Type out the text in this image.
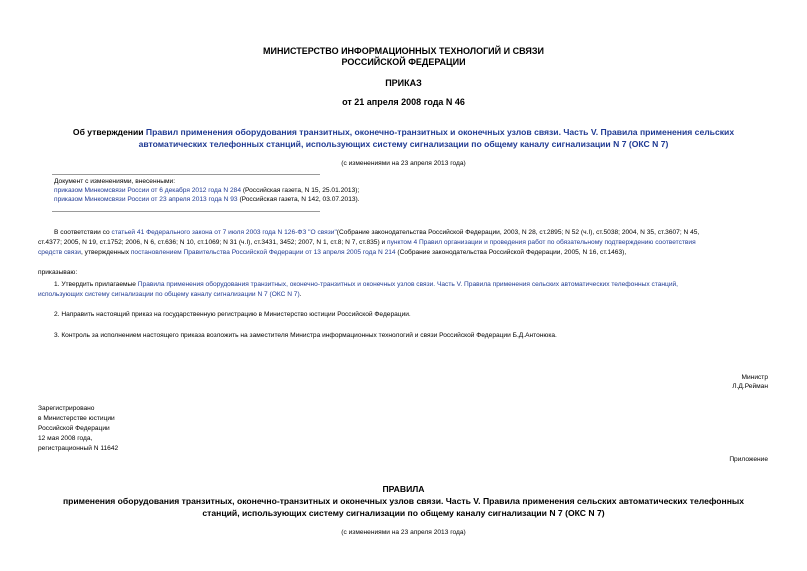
МИНИСТЕРСТВО ИНФОРМАЦИОННЫХ ТЕХНОЛОГИЙ И СВЯЗИ
РОССИЙСКОЙ ФЕДЕРАЦИИ
ПРИКАЗ
от 21 апреля 2008 года N 46
Об утверждении Правил применения оборудования транзитных, оконечно-транзитных и оконечных узлов связи. Часть V. Правила применения сельских
автоматических телефонных станций, использующих систему сигнализации по общему каналу сигнализации N 7 (ОКС N 7)
(с изменениями на 23 апреля 2013 года)
Документ с изменениями, внесенными:
приказом Минкомсвязи России от 6 декабря 2012 года N 284 (Российская газета, N 15, 25.01.2013);
приказом Минкомсвязи России от 23 апреля 2013 года N 93 (Российская газета, N 142, 03.07.2013).
В соответствии со статьей 41 Федерального закона от 7 июля 2003 года N 126-ФЗ "О связи"(Собрание законодательства Российской Федерации, 2003, N 28, ст.2895; N 52 (ч.I), ст.5038; 2004, N 35, ст.3607; N 45,
ст.4377; 2005, N 19, ст.1752; 2006, N 6, ст.636; N 10, ст.1069; N 31 (ч.I), ст.3431, 3452; 2007, N 1, ст.8; N 7, ст.835) и пунктом 4 Правил организации и проведения работ по обязательному подтверждению соответствия
средств связи, утвержденных постановлением Правительства Российской Федерации от 13 апреля 2005 года N 214 (Собрание законодательства Российской Федерации, 2005, N 16, ст.1463),
приказываю:
1. Утвердить прилагаемые Правила применения оборудования транзитных, оконечно-транзитных и оконечных узлов связи. Часть V. Правила применения сельских автоматических телефонных станций,
использующих систему сигнализации по общему каналу сигнализации N 7 (ОКС N 7).
2. Направить настоящий приказ на государственную регистрацию в Министерство юстиции Российской Федерации.
3. Контроль за исполнением настоящего приказа возложить на заместителя Министра информационных технологий и связи Российской Федерации Б.Д.Антонюка.
Министр
Л.Д.Рейман
Зарегистрировано
в Министерстве юстиции
Российской Федерации
12 мая 2008 года,
регистрационный N 11642
Приложение
ПРАВИЛА
применения оборудования транзитных, оконечно-транзитных и оконечных узлов связи. Часть V. Правила применения сельских автоматических телефонных
станций, использующих систему сигнализации по общему каналу сигнализации N 7 (ОКС N 7)
(с изменениями на 23 апреля 2013 года)
